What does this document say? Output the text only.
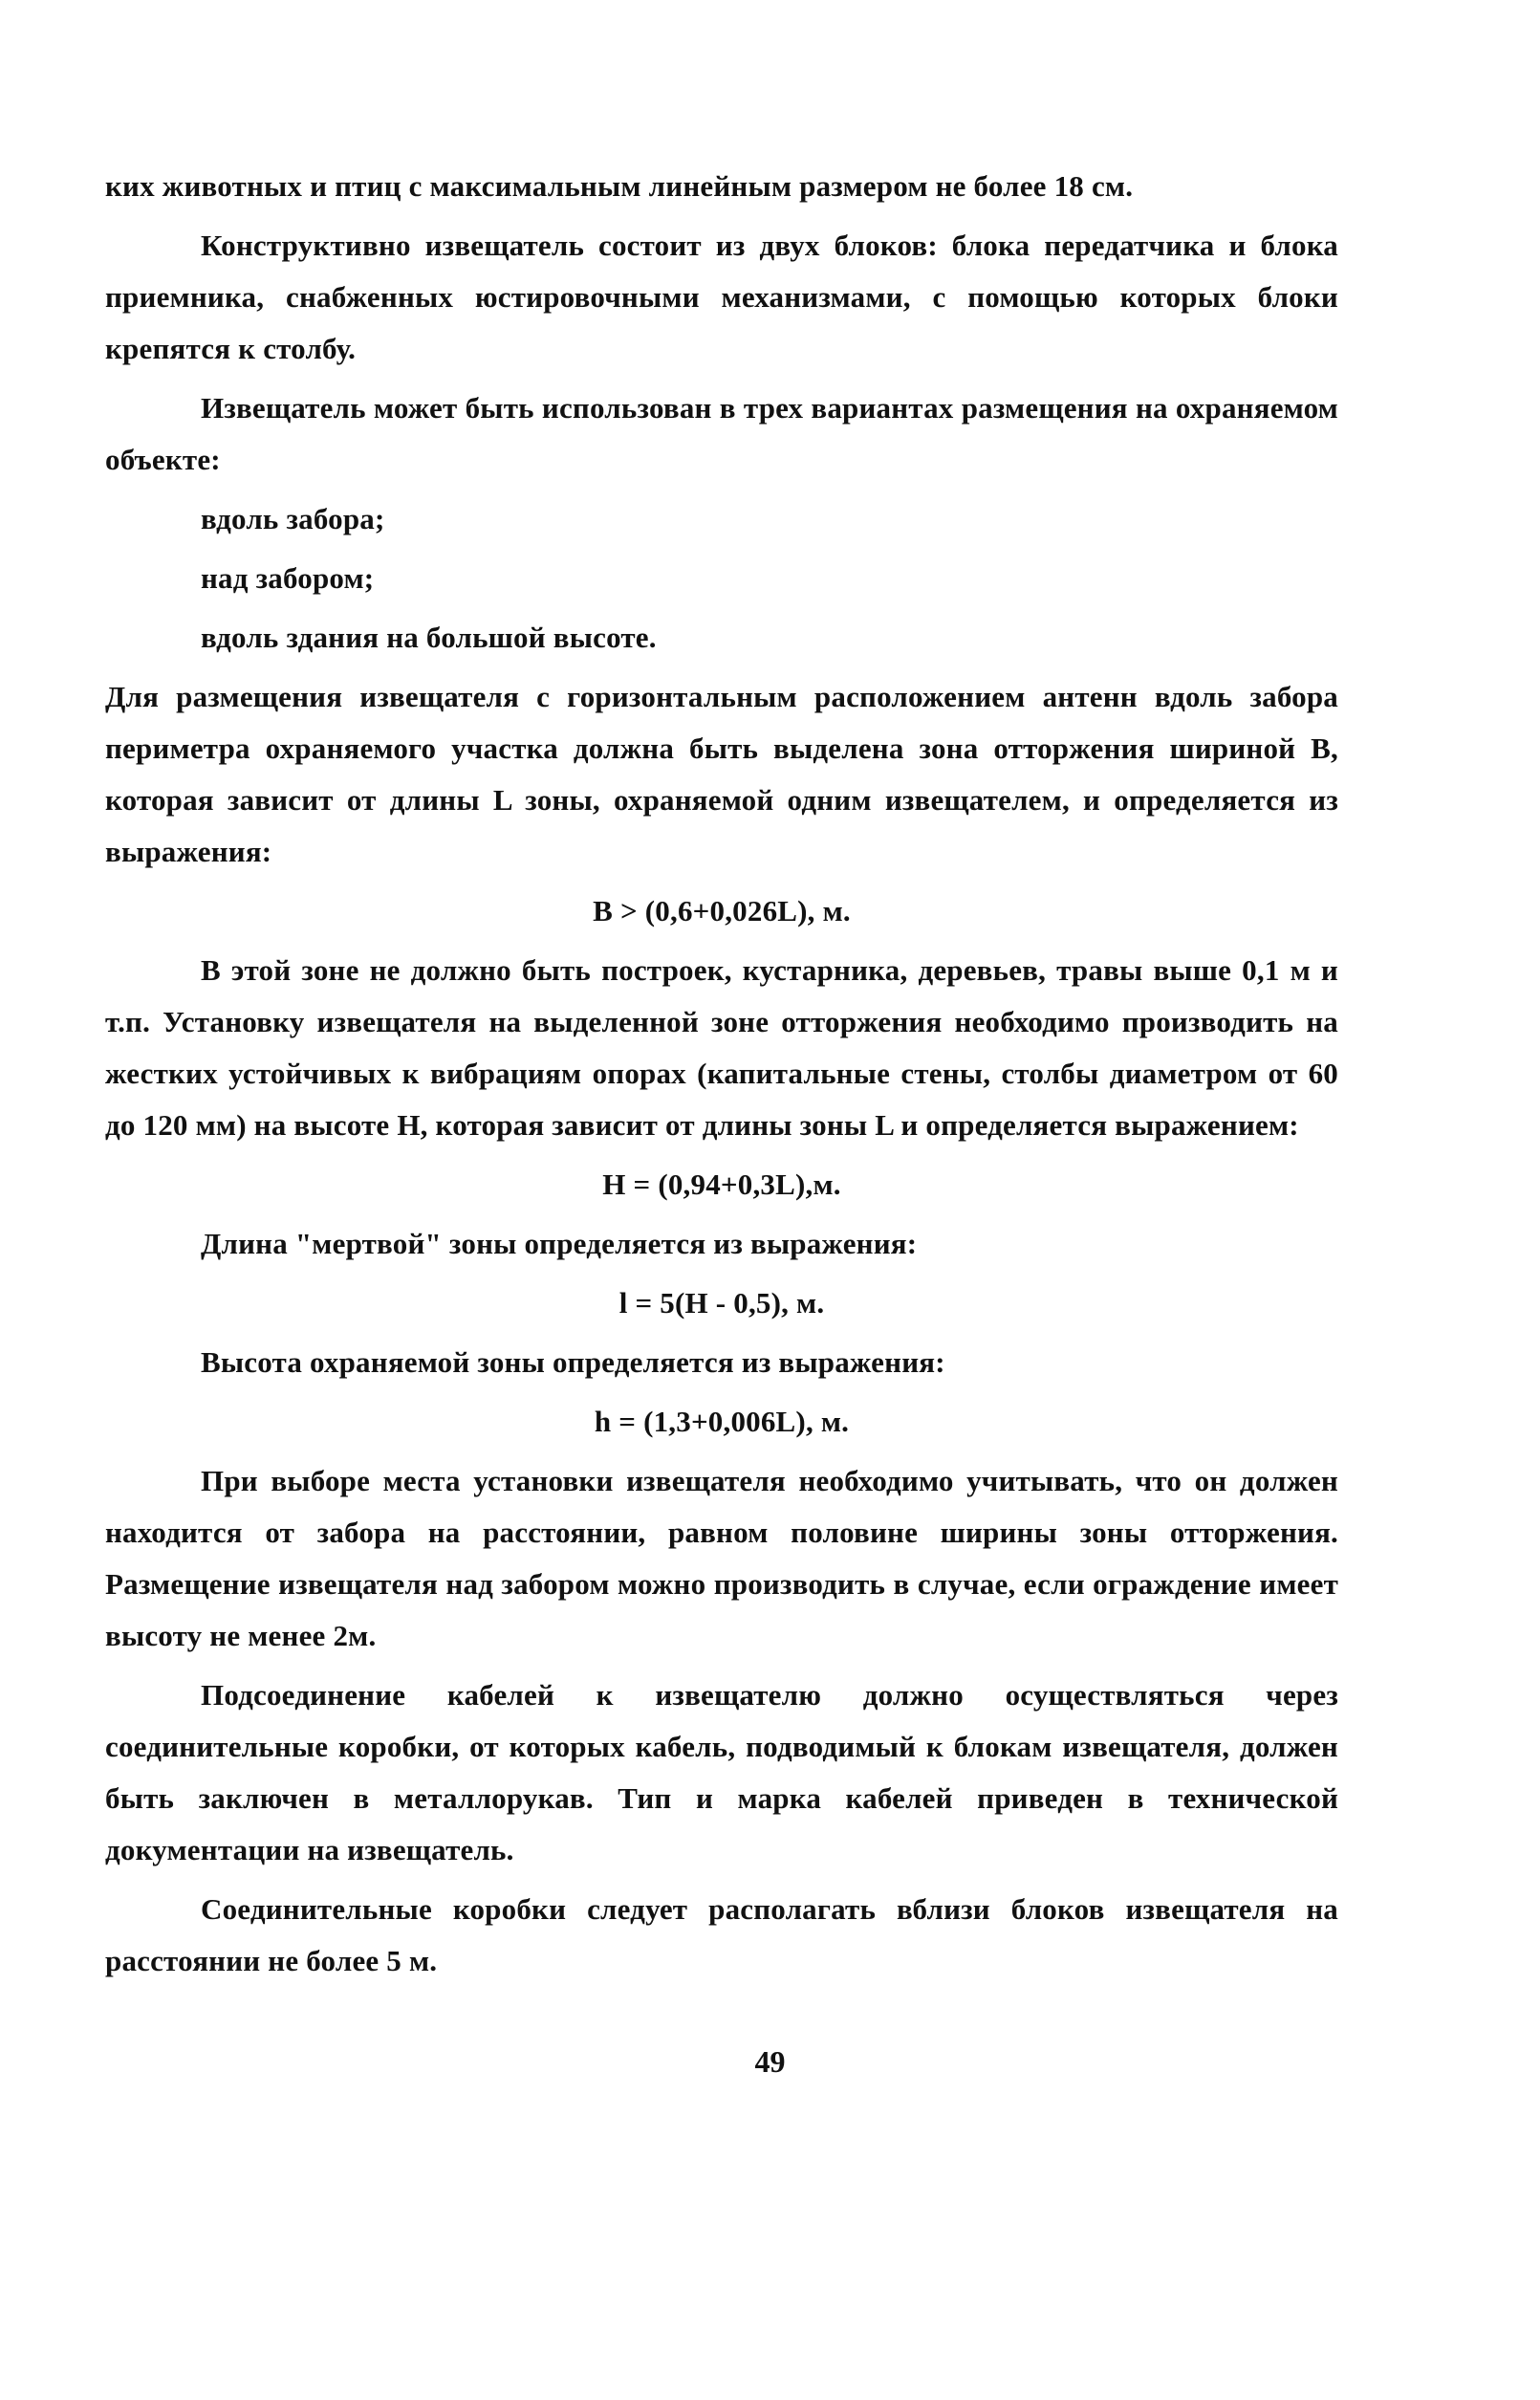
ких животных и птиц с максимальным линейным размером не более 18 см.

Конструктивно извещатель состоит из двух блоков: блока передатчика и блока приемника, снабженных юстировочными механизмами, с помощью которых блоки крепятся к столбу.

Извещатель может быть использован в трех вариантах размещения на охраняемом объекте:

вдоль забора;

над забором;

вдоль здания на большой высоте.

Для размещения извещателя с горизонтальным расположением антенн вдоль забора периметра охраняемого участка должна быть выделена зона отторжения шириной В, которая зависит от длины L зоны, охраняемой одним извещателем, и определяется из выражения:

B > (0,6+0,026L), м.

В этой зоне не должно быть построек, кустарника, деревьев, травы выше 0,1 м и т.п. Установку извещателя на выделенной зоне отторжения необходимо производить на жестких устойчивых к вибрациям опорах (капитальные стены, столбы диаметром от 60 до 120 мм) на высоте Н, которая зависит от длины зоны L и определяется выражением:

H = (0,94+0,3L),м.

Длина "мертвой" зоны определяется из выражения:

l = 5(H - 0,5), м.

Высота охраняемой зоны определяется из выражения:

h = (1,3+0,006L), м.

При выборе места установки извещателя необходимо учитывать, что он должен находится от забора на расстоянии, равном половине ширины зоны отторжения. Размещение извещателя над забором можно производить в случае, если ограждение имеет высоту не менее 2м.

Подсоединение кабелей к извещателю должно осуществляться через соединительные коробки, от которых кабель, подводимый к блокам извещателя, должен быть заключен в металлорукав. Тип и марка кабелей приведен в технической документации на извещатель.

Соединительные коробки следует располагать вблизи блоков извещателя на расстоянии не более 5 м.

49
